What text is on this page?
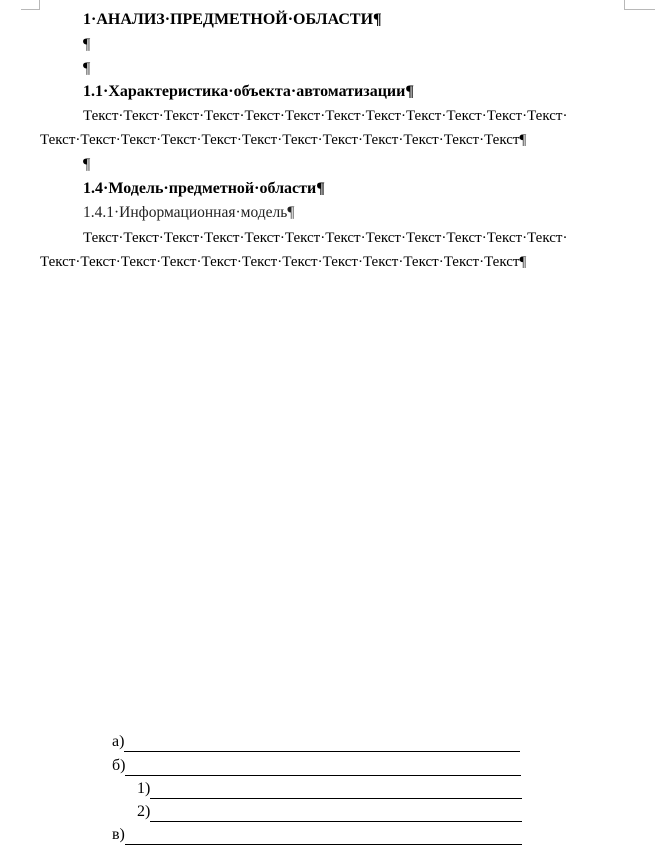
1·АНАЛИЗ·ПРЕДМЕТНОЙ·ОБЛАСТИ¶
¶
¶
1.1·Характеристика·объекта·автоматизации¶
Текст·Текст·Текст·Текст·Текст·Текст·Текст·Текст·Текст·Текст·Текст·Текст·
Текст·Текст·Текст·Текст·Текст·Текст·Текст·Текст·Текст·Текст·Текст·Текст¶
¶
1.4·Модель·предметной·области¶
1.4.1·Информационная·модель¶
Текст·Текст·Текст·Текст·Текст·Текст·Текст·Текст·Текст·Текст·Текст·Текст·
Текст·Текст·Текст·Текст·Текст·Текст·Текст·Текст·Текст·Текст·Текст·Текст¶
а)
б)
1)
2)
в)
